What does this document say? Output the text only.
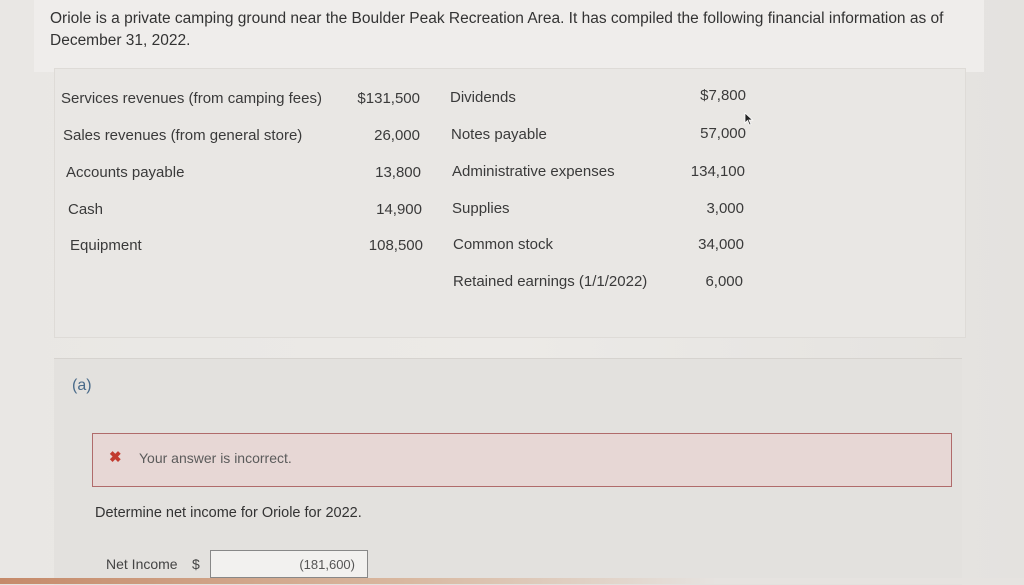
Oriole is a private camping ground near the Boulder Peak Recreation Area. It has compiled the following financial information as of December 31, 2022.

Services revenues (from camping fees)	$131,500
Sales revenues (from general store)	26,000
Accounts payable	13,800
Cash	14,900
Equipment	108,500
Dividends	$7,800
Notes payable	57,000
Administrative expenses	134,100
Supplies	3,000
Common stock	34,000
Retained earnings (1/1/2022)	6,000
(a)
✖ Your answer is incorrect.
Determine net income for Oriole for 2022.
Net Income $
(181,600)
